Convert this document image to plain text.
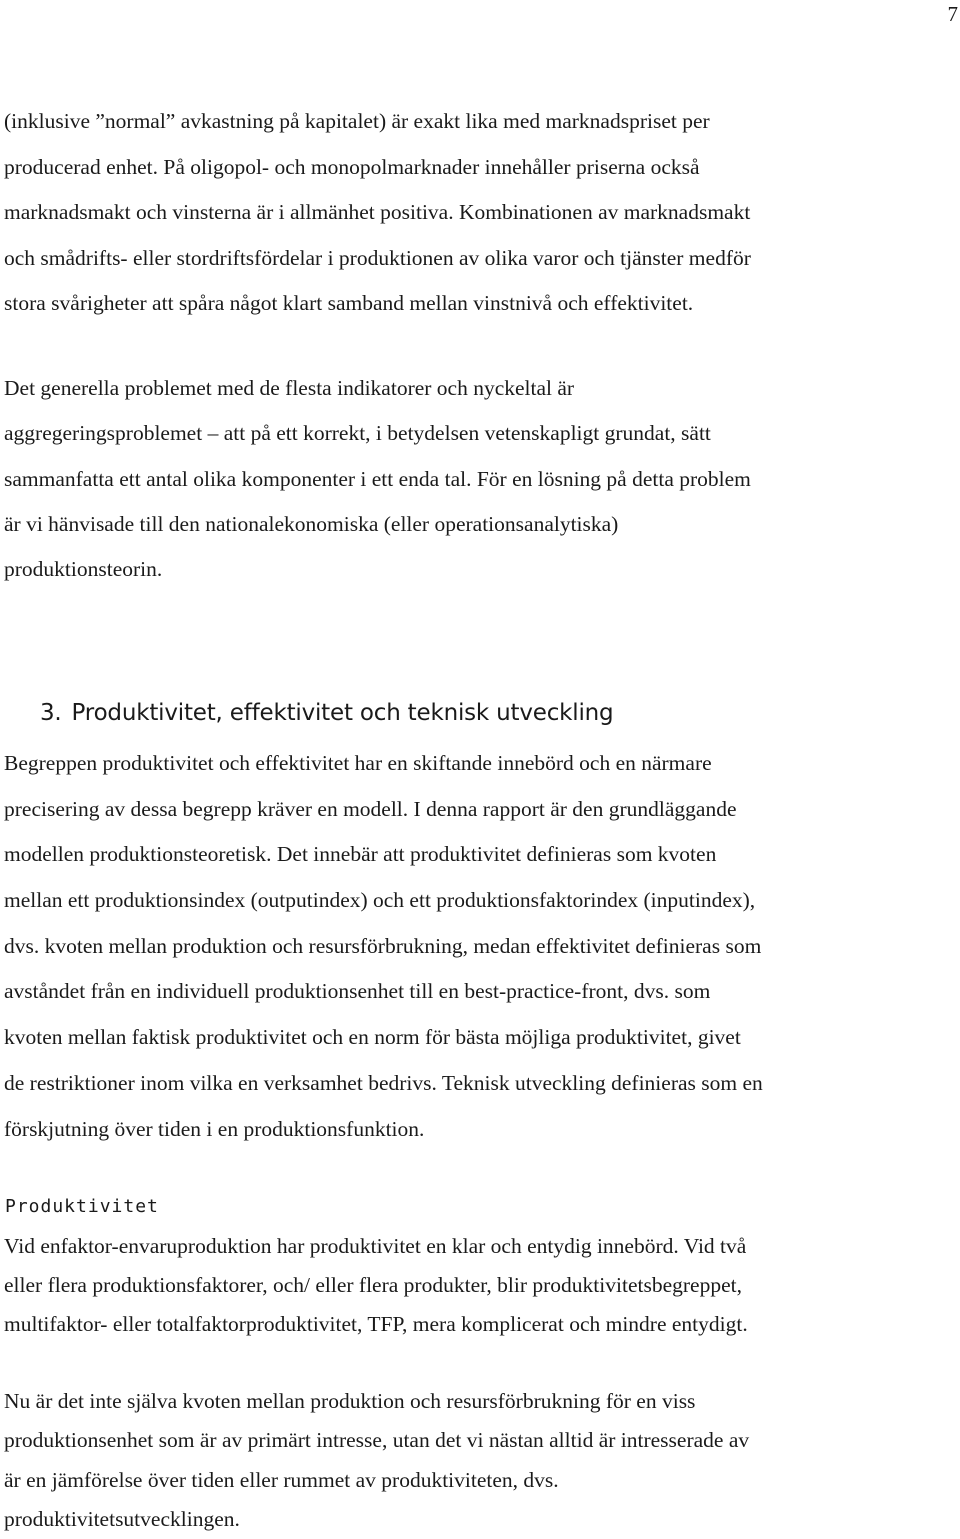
7

(inklusive ”normal” avkastning på kapitalet) är exakt lika med marknadspriset per
producerad enhet. På oligopol- och monopolmarknader innehåller priserna också
marknadsmakt och vinsterna är i allmänhet positiva. Kombinationen av marknadsmakt
och smådrifts- eller stordriftsfördelar i produktionen av olika varor och tjänster medför
stora svårigheter att spåra något klart samband mellan vinstnivå och effektivitet.

Det generella problemet med de flesta indikatorer och nyckeltal är
aggregeringsproblemet – att på ett korrekt, i betydelsen vetenskapligt grundat, sätt
sammanfatta ett antal olika komponenter i ett enda tal. För en lösning på detta problem
är vi hänvisade till den nationalekonomiska (eller operationsanalytiska)
produktionsteorin.

3. Produktivitet, effektivitet och teknisk utveckling

Begreppen produktivitet och effektivitet har en skiftande innebörd och en närmare
precisering av dessa begrepp kräver en modell. I denna rapport är den grundläggande
modellen produktionsteoretisk. Det innebär att produktivitet definieras som kvoten
mellan ett produktionsindex (outputindex) och ett produktionsfaktorindex (inputindex),
dvs. kvoten mellan produktion och resursförbrukning, medan effektivitet definieras som
avståndet från en individuell produktionsenhet till en best-practice-front, dvs. som
kvoten mellan faktisk produktivitet och en norm för bästa möjliga produktivitet, givet
de restriktioner inom vilka en verksamhet bedrivs. Teknisk utveckling definieras som en
förskjutning över tiden i en produktionsfunktion.

Produktivitet

Vid enfaktor-envaruproduktion har produktivitet en klar och entydig innebörd. Vid två
eller flera produktionsfaktorer, och/ eller flera produkter, blir produktivitetsbegreppet,
multifaktor- eller totalfaktorproduktivitet, TFP, mera komplicerat och mindre entydigt.

Nu är det inte själva kvoten mellan produktion och resursförbrukning för en viss
produktionsenhet som är av primärt intresse, utan det vi nästan alltid är intresserade av
är en jämförelse över tiden eller rummet av produktiviteten, dvs.
produktivitetsutvecklingen.
